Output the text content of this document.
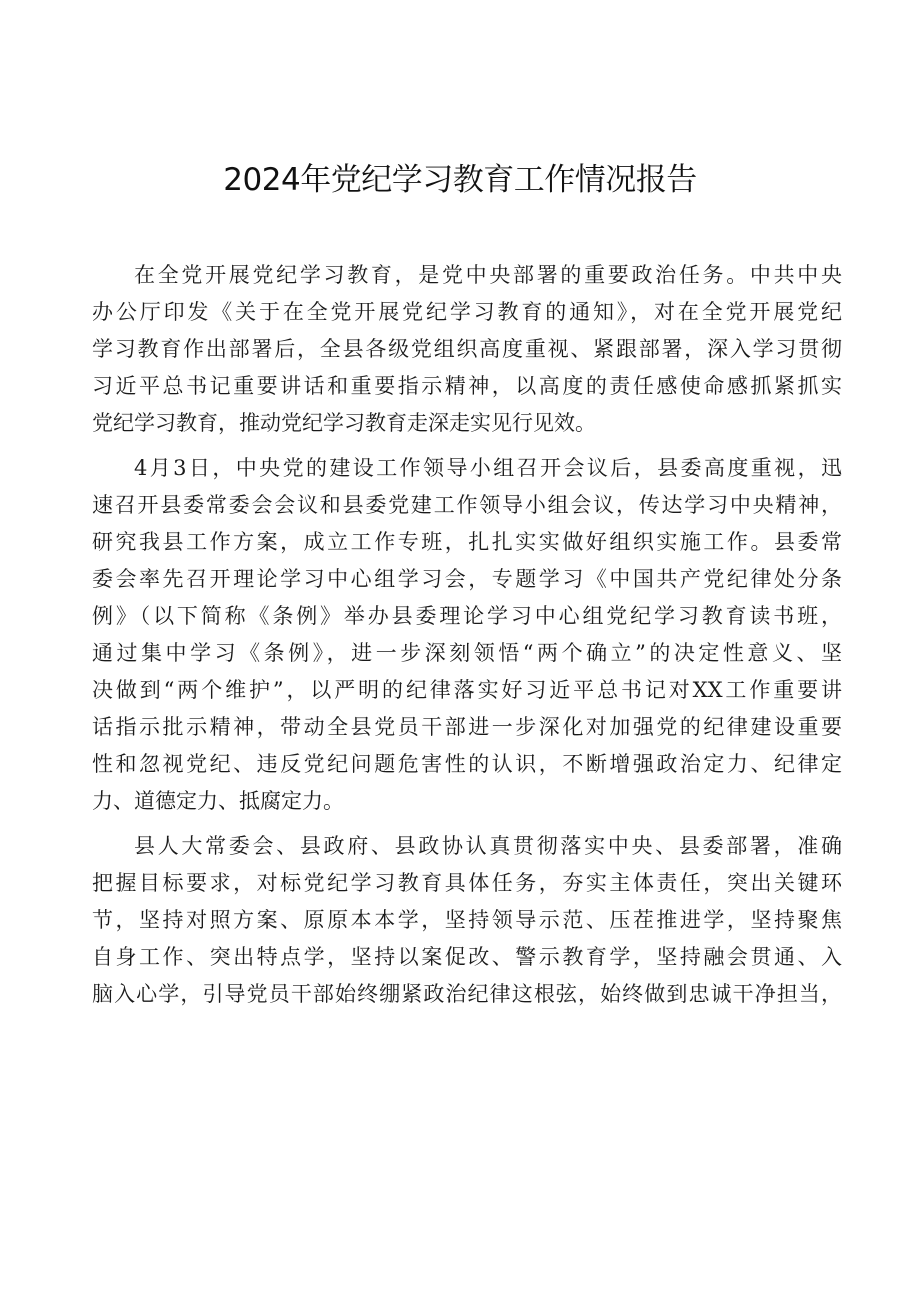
2024年党纪学习教育工作情况报告
在全党开展党纪学习教育，是党中央部署的重要政治任务。中共中央
办公厅印发《关于在全党开展党纪学习教育的通知》，对在全党开展党纪
学习教育作出部署后，全县各级党组织高度重视、紧跟部署，深入学习贯彻
习近平总书记重要讲话和重要指示精神，以高度的责任感使命感抓紧抓实
党纪学习教育，推动党纪学习教育走深走实见行见效。
4月3日，中央党的建设工作领导小组召开会议后，县委高度重视，迅
速召开县委常委会会议和县委党建工作领导小组会议，传达学习中央精神，
研究我县工作方案，成立工作专班，扎扎实实做好组织实施工作。县委常
委会率先召开理论学习中心组学习会，专题学习《中国共产党纪律处分条
例》（以下简称《条例》举办县委理论学习中心组党纪学习教育读书班，
通过集中学习《条例》，进一步深刻领悟“两个确立”的决定性意义、坚
决做到“两个维护”，以严明的纪律落实好习近平总书记对XX工作重要讲
话指示批示精神，带动全县党员干部进一步深化对加强党的纪律建设重要
性和忽视党纪、违反党纪问题危害性的认识，不断增强政治定力、纪律定
力、道德定力、抵腐定力。
县人大常委会、县政府、县政协认真贯彻落实中央、县委部署，准确
把握目标要求，对标党纪学习教育具体任务，夯实主体责任，突出关键环
节，坚持对照方案、原原本本学，坚持领导示范、压茬推进学，坚持聚焦
自身工作、突出特点学，坚持以案促改、警示教育学，坚持融会贯通、入
脑入心学，引导党员干部始终绷紧政治纪律这根弦，始终做到忠诚干净担当，
